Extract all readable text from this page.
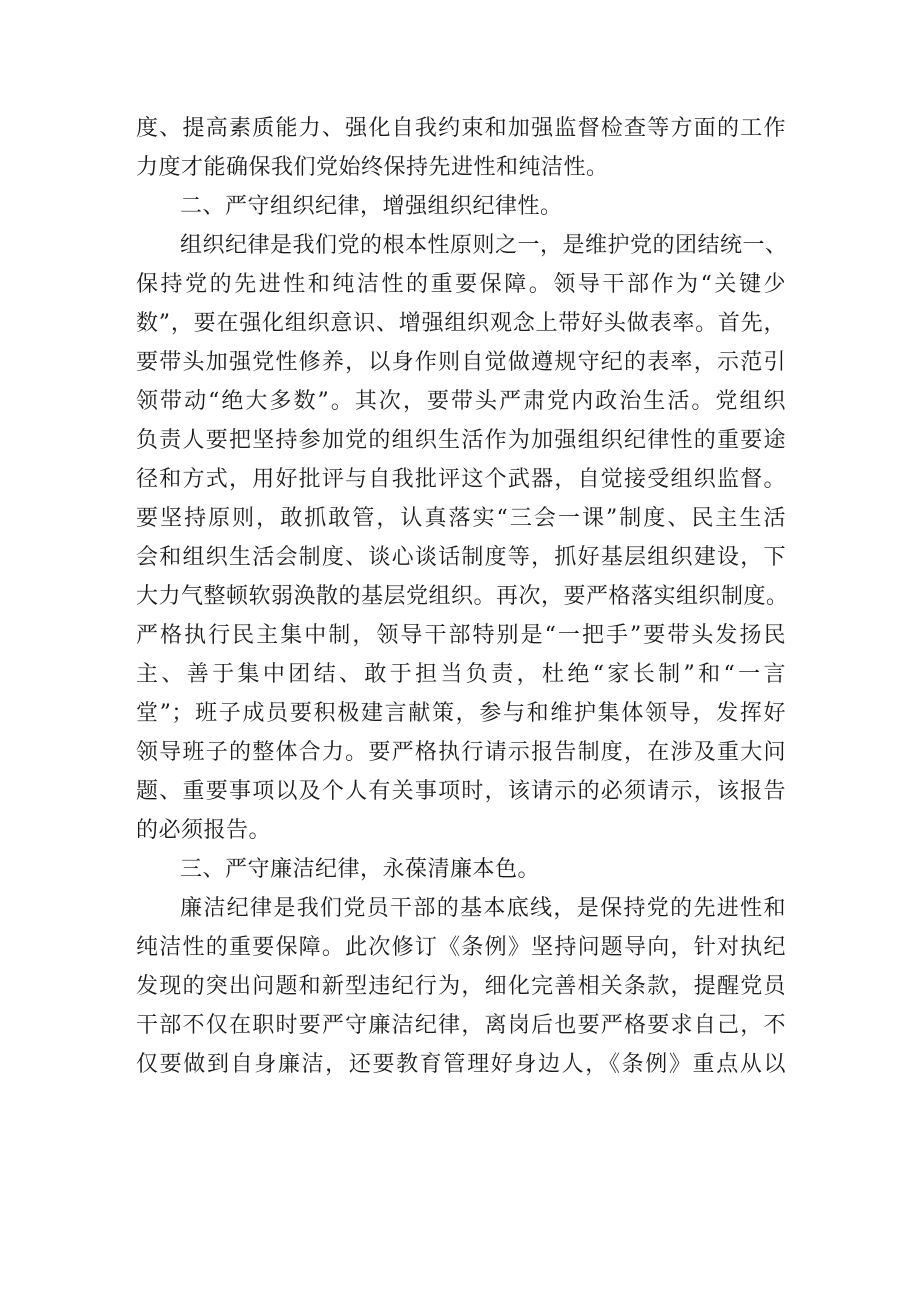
度、提高素质能力、强化自我约束和加强监督检查等方面的工作
力度才能确保我们党始终保持先进性和纯洁性。
二、严守组织纪律，增强组织纪律性。
组织纪律是我们党的根本性原则之一，是维护党的团结统一、
保持党的先进性和纯洁性的重要保障。领导干部作为“关键少
数”，要在强化组织意识、增强组织观念上带好头做表率。首先，
要带头加强党性修养，以身作则自觉做遵规守纪的表率，示范引
领带动“绝大多数”。其次，要带头严肃党内政治生活。党组织
负责人要把坚持参加党的组织生活作为加强组织纪律性的重要途
径和方式，用好批评与自我批评这个武器，自觉接受组织监督。
要坚持原则，敢抓敢管，认真落实“三会一课”制度、民主生活
会和组织生活会制度、谈心谈话制度等，抓好基层组织建设，下
大力气整顿软弱涣散的基层党组织。再次，要严格落实组织制度。
严格执行民主集中制，领导干部特别是“一把手”要带头发扬民
主、善于集中团结、敢于担当负责，杜绝“家长制”和“一言
堂”；班子成员要积极建言献策，参与和维护集体领导，发挥好
领导班子的整体合力。要严格执行请示报告制度，在涉及重大问
题、重要事项以及个人有关事项时，该请示的必须请示，该报告
的必须报告。
三、严守廉洁纪律，永葆清廉本色。
廉洁纪律是我们党员干部的基本底线，是保持党的先进性和
纯洁性的重要保障。此次修订《条例》坚持问题导向，针对执纪
发现的突出问题和新型违纪行为，细化完善相关条款，提醒党员
干部不仅在职时要严守廉洁纪律，离岗后也要严格要求自己，不
仅要做到自身廉洁，还要教育管理好身边人，《条例》重点从以
